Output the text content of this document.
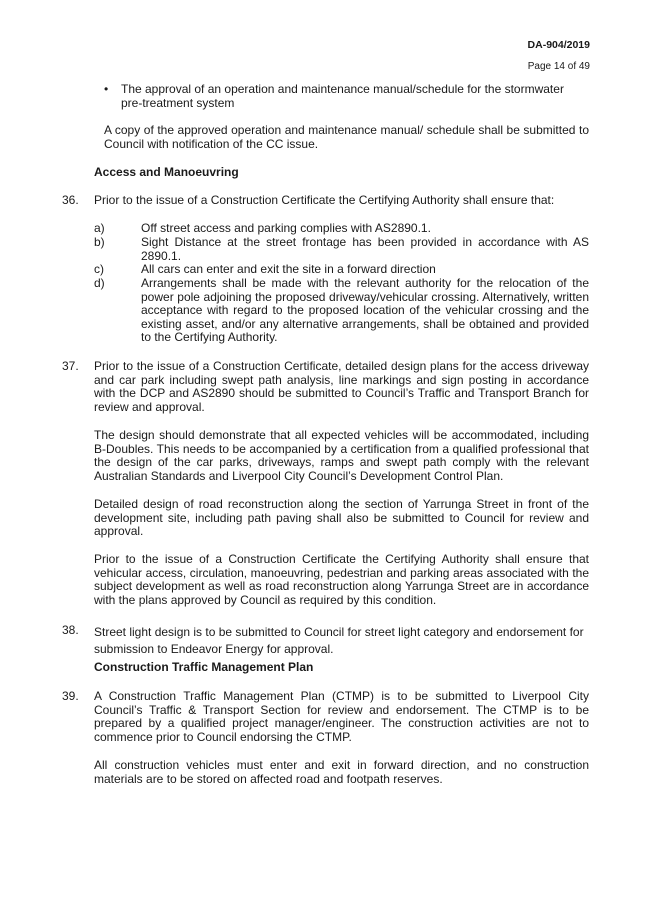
DA-904/2019
Page 14 of 49
• The approval of an operation and maintenance manual/schedule for the stormwater pre-treatment system
A copy of the approved operation and maintenance manual/ schedule shall be submitted to Council with notification of the CC issue.
Access and Manoeuvring
36. Prior to the issue of a Construction Certificate the Certifying Authority shall ensure that:
a)	Off street access and parking complies with AS2890.1.
b)	Sight Distance at the street frontage has been provided in accordance with AS 2890.1.
c)	All cars can enter and exit the site in a forward direction
d)	Arrangements shall be made with the relevant authority for the relocation of the power pole adjoining the proposed driveway/vehicular crossing. Alternatively, written acceptance with regard to the proposed location of the vehicular crossing and the existing asset, and/or any alternative arrangements, shall be obtained and provided to the Certifying Authority.
37. Prior to the issue of a Construction Certificate, detailed design plans for the access driveway and car park including swept path analysis, line markings and sign posting in accordance with the DCP and AS2890 should be submitted to Council’s Traffic and Transport Branch for review and approval.
The design should demonstrate that all expected vehicles will be accommodated, including B-Doubles. This needs to be accompanied by a certification from a qualified professional that the design of the car parks, driveways, ramps and swept path comply with the relevant Australian Standards and Liverpool City Council’s Development Control Plan.
Detailed design of road reconstruction along the section of Yarrunga Street in front of the development site, including path paving shall also be submitted to Council for review and approval.
Prior to the issue of a Construction Certificate the Certifying Authority shall ensure that vehicular access, circulation, manoeuvring, pedestrian and parking areas associated with the subject development as well as road reconstruction along Yarrunga Street are in accordance with the plans approved by Council as required by this condition.
38. Street light design is to be submitted to Council for street light category and endorsement for submission to Endeavor Energy for approval.
Construction Traffic Management Plan
39. A Construction Traffic Management Plan (CTMP) is to be submitted to Liverpool City Council’s Traffic & Transport Section for review and endorsement. The CTMP is to be prepared by a qualified project manager/engineer. The construction activities are not to commence prior to Council endorsing the CTMP.
All construction vehicles must enter and exit in forward direction, and no construction materials are to be stored on affected road and footpath reserves.
